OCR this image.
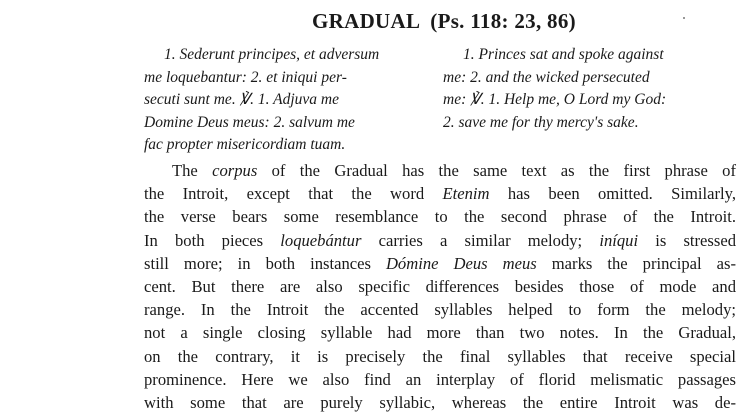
GRADUAL (Ps. 118: 23, 86)
1. Sederunt principes, et adversum
me loquebantur: 2. et iniqui per-
secuti sunt me. ℣. 1. Adjuva me
Domine Deus meus: 2. salvum me
fac propter misericordiam tuam.
1. Princes sat and spoke against
me: 2. and the wicked persecuted
me: ℣. 1. Help me, O Lord my God:
2. save me for thy mercy's sake.
The corpus of the Gradual has the same text as the first phrase of
the Introit, except that the word Etenim has been omitted. Similarly,
the verse bears some resemblance to the second phrase of the Introit.
In both pieces loquebántur carries a similar melody; iníqui is stressed
still more; in both instances Dómine Deus meus marks the principal as-
cent. But there are also specific differences besides those of mode and
range. In the Introit the accented syllables helped to form the melody;
not a single closing syllable had more than two notes. In the Gradual,
on the contrary, it is precisely the final syllables that receive special
prominence. Here we also find an interplay of florid melismatic passages
with some that are purely syllabic, whereas the entire Introit was de-
